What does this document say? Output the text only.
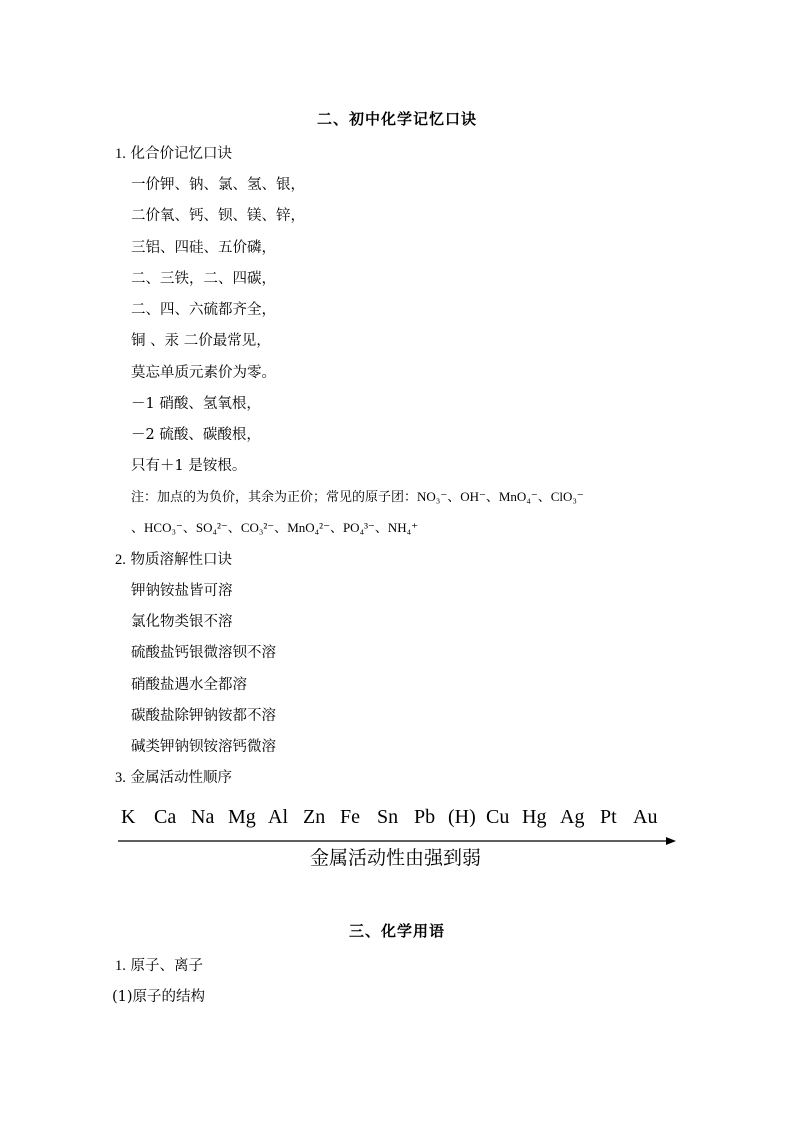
二、初中化学记忆口诀
1. 化合价记忆口诀
一价钾、钠、氯、氢、银，
二价氧、钙、钡、镁、锌，
三铝、四硅、五价磷，
二、三铁，二、四碳，
二、四、六硫都齐全，
铜 、汞 二价最常见，
莫忘单质元素价为零。
－1 硝酸、氢氧根，
－2 硫酸、碳酸根，
只有＋1 是铵根。
注：加点的为负价，其余为正价；常见的原子团：NO₃⁻、OH⁻、MnO₄⁻、ClO₃⁻
、HCO₃⁻、SO₄²⁻、CO₃²⁻、MnO₄²⁻、PO₄³⁻、NH₄⁺
2. 物质溶解性口诀
钾钠铵盐皆可溶
氯化物类银不溶
硫酸盐钙银微溶钡不溶
硝酸盐遇水全都溶
碳酸盐除钾钠铵都不溶
碱类钾钠钡铵溶钙微溶
3. 金属活动性顺序
K Ca Na Mg Al Zn Fe Sn Pb (H) Cu Hg Ag Pt Au
金属活动性由强到弱
三、化学用语
1. 原子、离子
(1)原子的结构
